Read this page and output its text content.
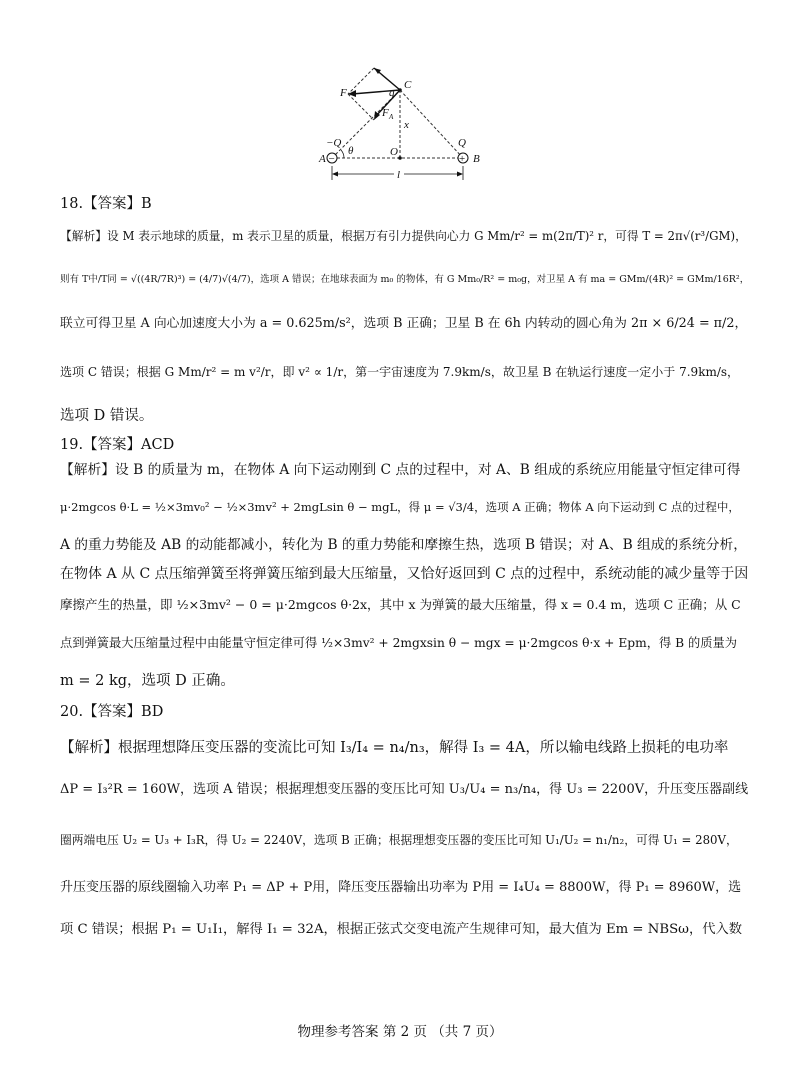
−	+
F
C
q
F A
x
−Q	Q
A	B
θ	O
l
18.【答案】B
【解析】设 M 表示地球的质量，m 表示卫星的质量，根据万有引力提供向心力 G Mm/r² = m(2π/T)² r，可得 T = 2π√(r³/GM)，
则有 T中/T同 = √((4R/7R)³) = (4/7)√(4/7)，选项 A 错误；在地球表面为 m₀ 的物体，有 G Mm₀/R² = m₀g，对卫星 A 有 ma = GMm/(4R)² = GMm/16R²，
联立可得卫星 A 向心加速度大小为 a = 0.625m/s²，选项 B 正确；卫星 B 在 6h 内转动的圆心角为 2π × 6/24 = π/2，
选项 C 错误；根据 G Mm/r² = m v²/r，即 v² ∝ 1/r，第一宇宙速度为 7.9km/s，故卫星 B 在轨运行速度一定小于 7.9km/s，
选项 D 错误。
19.【答案】ACD
【解析】设 B 的质量为 m，在物体 A 向下运动刚到 C 点的过程中，对 A、B 组成的系统应用能量守恒定律可得
μ·2mgcos θ·L = ½×3mv₀² − ½×3mv² + 2mgLsin θ − mgL，得 μ = √3/4，选项 A 正确；物体 A 向下运动到 C 点的过程中，
A 的重力势能及 AB 的动能都减小，转化为 B 的重力势能和摩擦生热，选项 B 错误；对 A、B 组成的系统分析，
在物体 A 从 C 点压缩弹簧至将弹簧压缩到最大压缩量，又恰好返回到 C 点的过程中，系统动能的减少量等于因
摩擦产生的热量，即 ½×3mv² − 0 = μ·2mgcos θ·2x，其中 x 为弹簧的最大压缩量，得 x = 0.4 m，选项 C 正确；从 C
点到弹簧最大压缩量过程中由能量守恒定律可得 ½×3mv² + 2mgxsin θ − mgx = μ·2mgcos θ·x + Epm，得 B 的质量为
m = 2 kg，选项 D 正确。
20.【答案】BD
【解析】根据理想降压变压器的变流比可知 I₃/I₄ = n₄/n₃，解得 I₃ = 4A，所以输电线路上损耗的电功率
ΔP = I₃²R = 160W，选项 A 错误；根据理想变压器的变压比可知 U₃/U₄ = n₃/n₄，得 U₃ = 2200V，升压变压器副线
圈两端电压 U₂ = U₃ + I₃R，得 U₂ = 2240V，选项 B 正确；根据理想变压器的变压比可知 U₁/U₂ = n₁/n₂，可得 U₁ = 280V，
升压变压器的原线圈输入功率 P₁ = ΔP + P用，降压变压器输出功率为 P用 = I₄U₄ = 8800W，得 P₁ = 8960W，选
项 C 错误；根据 P₁ = U₁I₁，解得 I₁ = 32A，根据正弦式交变电流产生规律可知，最大值为 Em = NBSω，代入数
物理参考答案 第 2 页 （共 7 页）
